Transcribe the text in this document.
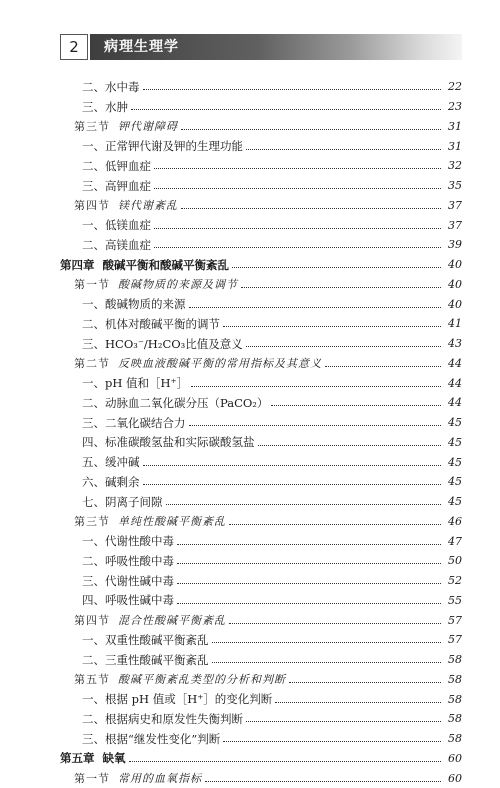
2	病理生理学
二、水中毒	22
三、水肿	23
第三节 钾代谢障碍	31
一、正常钾代谢及钾的生理功能	31
二、低钾血症	32
三、高钾血症	35
第四节 镁代谢紊乱	37
一、低镁血症	37
二、高镁血症	39
第四章 酸碱平衡和酸碱平衡紊乱	40
第一节 酸碱物质的来源及调节	40
一、酸碱物质的来源	40
二、机体对酸碱平衡的调节	41
三、HCO₃⁻/H₂CO₃比值及意义	43
第二节 反映血液酸碱平衡的常用指标及其意义	44
一、pH 值和［H⁺］	44
二、动脉血二氧化碳分压（PaCO₂）	44
三、二氧化碳结合力	45
四、标准碳酸氢盐和实际碳酸氢盐	45
五、缓冲碱	45
六、碱剩余	45
七、阴离子间隙	45
第三节 单纯性酸碱平衡紊乱	46
一、代谢性酸中毒	47
二、呼吸性酸中毒	50
三、代谢性碱中毒	52
四、呼吸性碱中毒	55
第四节 混合性酸碱平衡紊乱	57
一、双重性酸碱平衡紊乱	57
二、三重性酸碱平衡紊乱	58
第五节 酸碱平衡紊乱类型的分析和判断	58
一、根据 pH 值或［H⁺］的变化判断	58
二、根据病史和原发性失衡判断	58
三、根据“继发性变化”判断	58
第五章 缺氧	60
第一节 常用的血氧指标	60
